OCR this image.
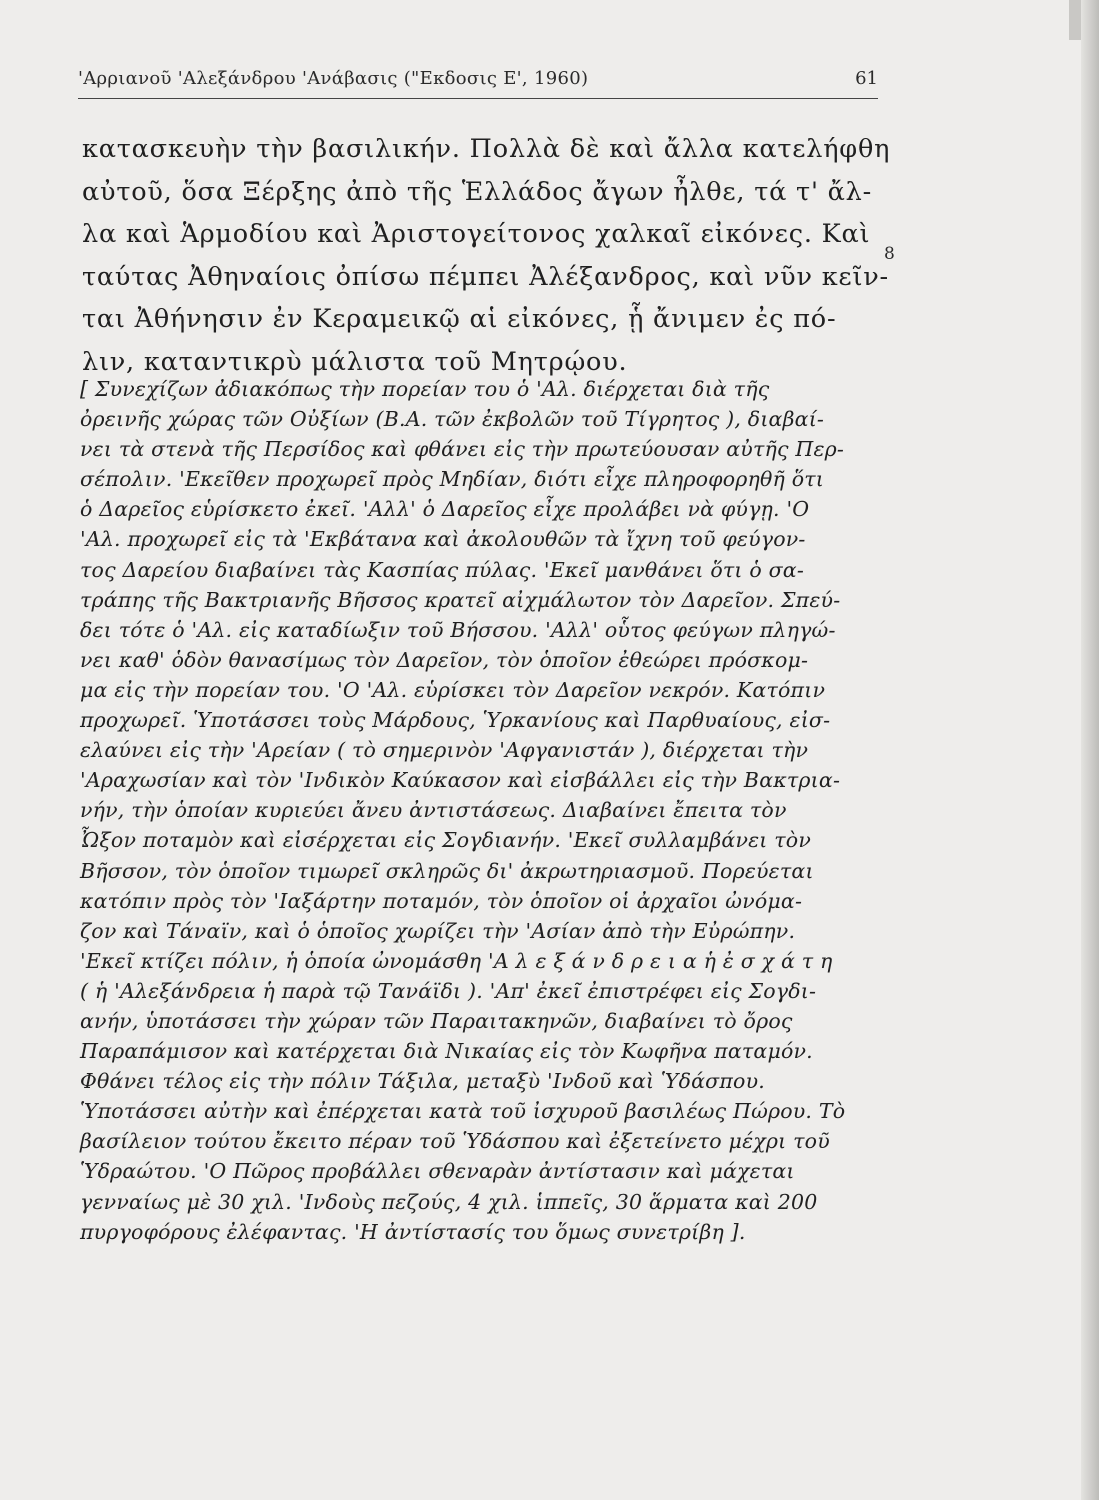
'Αρριανοῦ 'Αλεξάνδρου 'Ανάβασις ("Εκδοσις Ε', 1960)	61
8
κατασκευὴν τὴν βασιλικήν. Πολλὰ δὲ καὶ ἄλλα κατελήφθη
αὐτοῦ, ὅσα Ξέρξης ἀπὸ τῆς Ἑλλάδος ἄγων ἦλθε, τά τ' ἄλ-
λα καὶ Ἁρμοδίου καὶ Ἀριστογείτονος χαλκαῖ εἰκόνες. Καὶ
ταύτας Ἀθηναίοις ὀπίσω πέμπει Ἀλέξανδρος, καὶ νῦν κεῖν-
ται Ἀθήνησιν ἐν Κεραμεικῷ αἱ εἰκόνες, ᾗ ἄνιμεν ἐς πό-
λιν, καταντικρὺ μάλιστα τοῦ Μητρῴου.
[ Συνεχίζων ἀδιακόπως τὴν πορείαν του ὁ 'Αλ. διέρχεται διὰ τῆς
ὀρεινῆς χώρας τῶν Οὐξίων (Β.Α. τῶν ἐκβολῶν τοῦ Τίγρητος ), διαβαί-
νει τὰ στενὰ τῆς Περσίδος καὶ φθάνει εἰς τὴν πρωτεύουσαν αὐτῆς Περ-
σέπολιν. 'Εκεῖθεν προχωρεῖ πρὸς Μηδίαν, διότι εἶχε πληροφορηθῆ ὅτι
ὁ Δαρεῖος εὑρίσκετο ἐκεῖ. 'Αλλ' ὁ Δαρεῖος εἶχε προλάβει νὰ φύγῃ. 'Ο
'Αλ. προχωρεῖ εἰς τὰ 'Εκβάτανα καὶ ἀκολουθῶν τὰ ἴχνη τοῦ φεύγον-
τος Δαρείου διαβαίνει τὰς Κασπίας πύλας. 'Εκεῖ μανθάνει ὅτι ὁ σα-
τράπης τῆς Βακτριανῆς Βῆσσος κρατεῖ αἰχμάλωτον τὸν Δαρεῖον. Σπεύ-
δει τότε ὁ 'Αλ. εἰς καταδίωξιν τοῦ Βήσσου. 'Αλλ' οὗτος φεύγων πληγώ-
νει καθ' ὁδὸν θανασίμως τὸν Δαρεῖον, τὸν ὁποῖον ἐθεώρει πρόσκομ-
μα εἰς τὴν πορείαν του. 'Ο 'Αλ. εὑρίσκει τὸν Δαρεῖον νεκρόν. Κατόπιν
προχωρεῖ. Ὑποτάσσει τοὺς Μάρδους, Ὑρκανίους καὶ Παρθυαίους, εἰσ-
ελαύνει εἰς τὴν 'Αρείαν ( τὸ σημερινὸν 'Αφγανιστάν ), διέρχεται τὴν
'Αραχωσίαν καὶ τὸν 'Ινδικὸν Καύκασον καὶ εἰσβάλλει εἰς τὴν Βακτρια-
νήν, τὴν ὁποίαν κυριεύει ἄνευ ἀντιστάσεως. Διαβαίνει ἔπειτα τὸν
Ὦξον ποταμὸν καὶ εἰσέρχεται εἰς Σογδιανήν. 'Εκεῖ συλλαμβάνει τὸν
Βῆσσον, τὸν ὁποῖον τιμωρεῖ σκληρῶς δι' ἀκρωτηριασμοῦ. Πορεύεται
κατόπιν πρὸς τὸν 'Ιαξάρτην ποταμόν, τὸν ὁποῖον οἱ ἀρχαῖοι ὠνόμα-
ζον καὶ Τάναϊν, καὶ ὁ ὁποῖος χωρίζει τὴν 'Ασίαν ἀπὸ τὴν Εὐρώπην.
'Εκεῖ κτίζει πόλιν, ἡ ὁποία ὠνομάσθη 'Α λ ε ξ ά ν δ ρ ε ι α ἡ ἐ σ χ ά τ η
( ἡ 'Αλεξάνδρεια ἡ παρὰ τῷ Τανάϊδι ). 'Απ' ἐκεῖ ἐπιστρέφει εἰς Σογδι-
ανήν, ὑποτάσσει τὴν χώραν τῶν Παραιτακηνῶν, διαβαίνει τὸ ὄρος
Παραπάμισον καὶ κατέρχεται διὰ Νικαίας εἰς τὸν Κωφῆνα παταμόν.
Φθάνει τέλος εἰς τὴν πόλιν Τάξιλα, μεταξὺ 'Ινδοῦ καὶ Ὑδάσπου.
Ὑποτάσσει αὐτὴν καὶ ἐπέρχεται κατὰ τοῦ ἰσχυροῦ βασιλέως Πώρου. Τὸ
βασίλειον τούτου ἔκειτο πέραν τοῦ Ὑδάσπου καὶ ἐξετείνετο μέχρι τοῦ
Ὑδραώτου. 'Ο Πῶρος προβάλλει σθεναρὰν ἀντίστασιν καὶ μάχεται
γενναίως μὲ 30 χιλ. 'Ινδοὺς πεζούς, 4 χιλ. ἱππεῖς, 30 ἅρματα καὶ 200
πυργοφόρους ἐλέφαντας. 'Η ἀντίστασίς του ὅμως συνετρίβη ].
